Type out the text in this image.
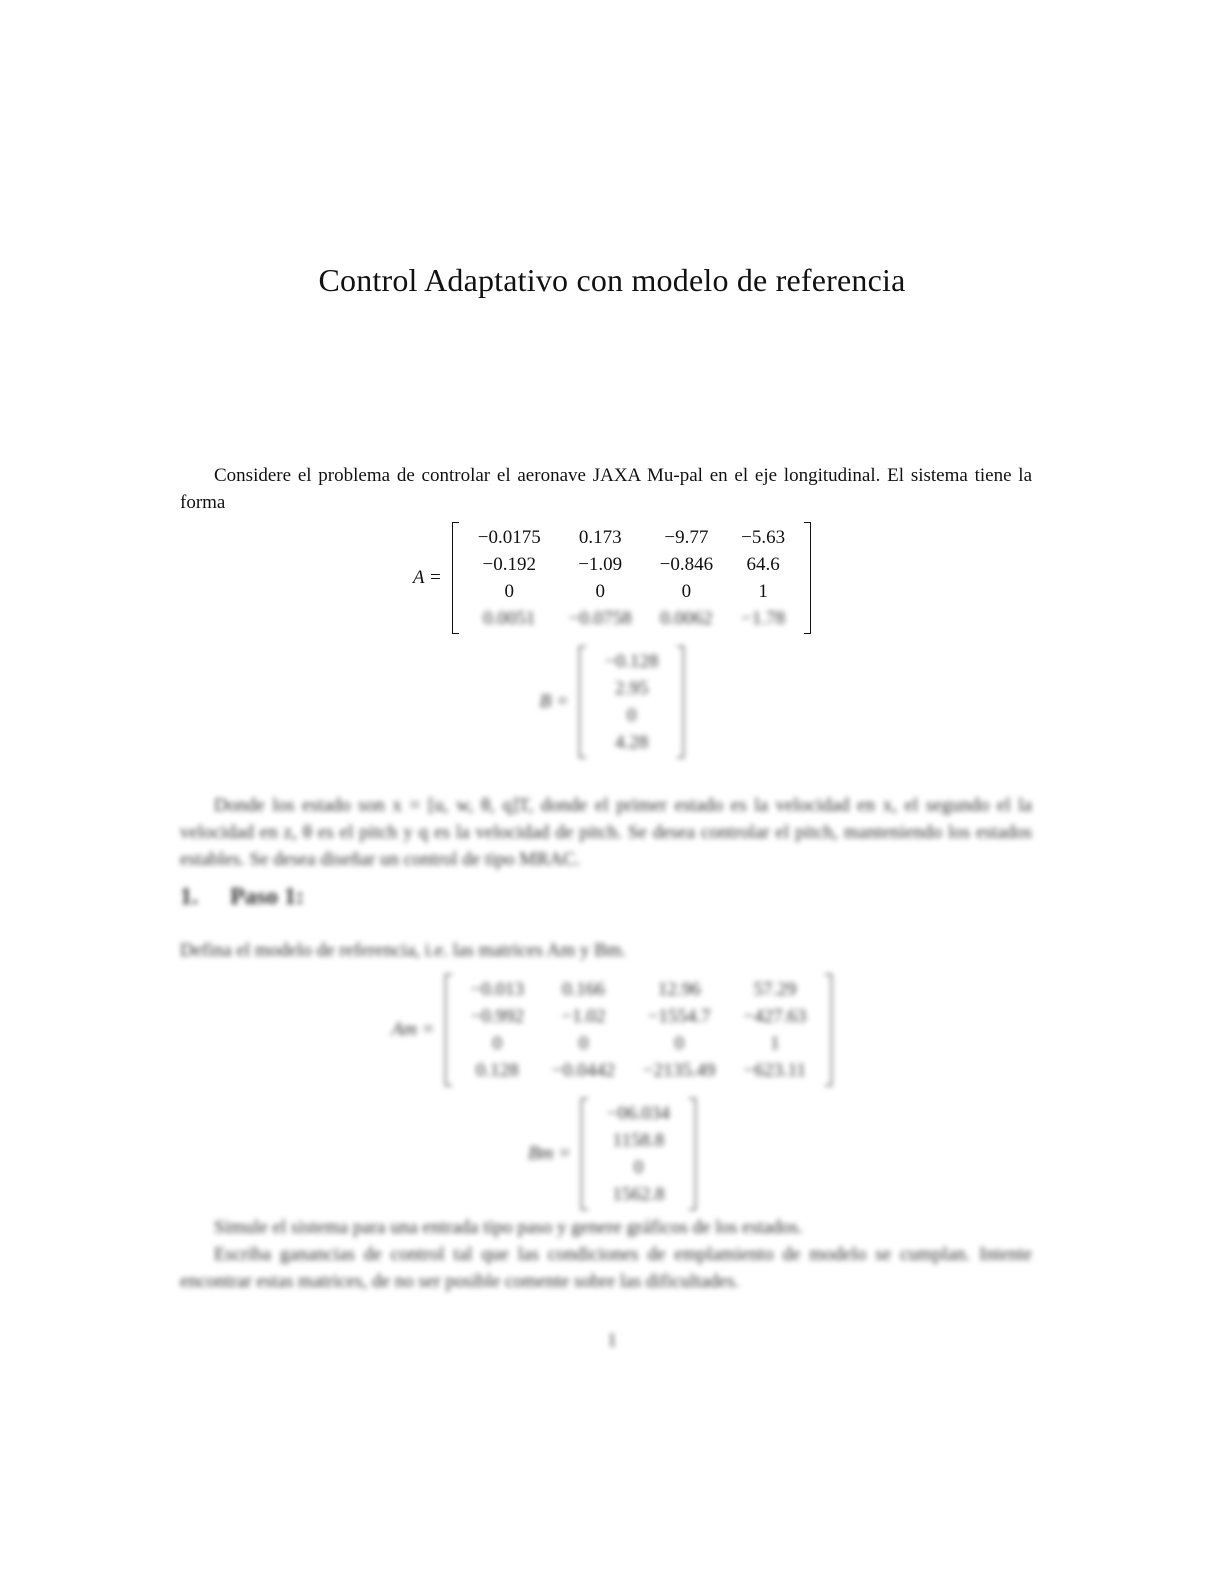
Control Adaptativo con modelo de referencia
Considere el problema de controlar el aeronave JAXA Mu-pal en el eje longitudinal. El sistema tiene la forma
A =
−0.0175	0.173	−9.77	−5.63
−0.192	−1.09	−0.846	64.6
0	0	0	1
0.0051	−0.0758	0.0062	−1.78
B =
−0.128
2.95
0
4.28
Donde los estado son x = [u, w, θ, q]T, donde el primer estado es la velocidad en x, el segundo el la velocidad en z, θ es el pitch y q es la velocidad de pitch. Se desea controlar el pitch, manteniendo los estados estables. Se desea diseñar un control de tipo MRAC.
1. Paso 1:
Defina el modelo de referencia, i.e. las matrices Am y Bm.
Am =
−0.013	0.166	12.96	57.29
−0.992	−1.02	−1554.7	−427.63
0	0	0	1
0.128	−0.0442	−2135.49	−623.11
Bm =
−06.034
1158.8
0
1562.8
Simule el sistema para una entrada tipo paso y genere gráficos de los estados.
Escriba ganancias de control tal que las condiciones de emplamiento de modelo se cumplan. Intente encontrar estas matrices, de no ser posible comente sobre las dificultades.
1
